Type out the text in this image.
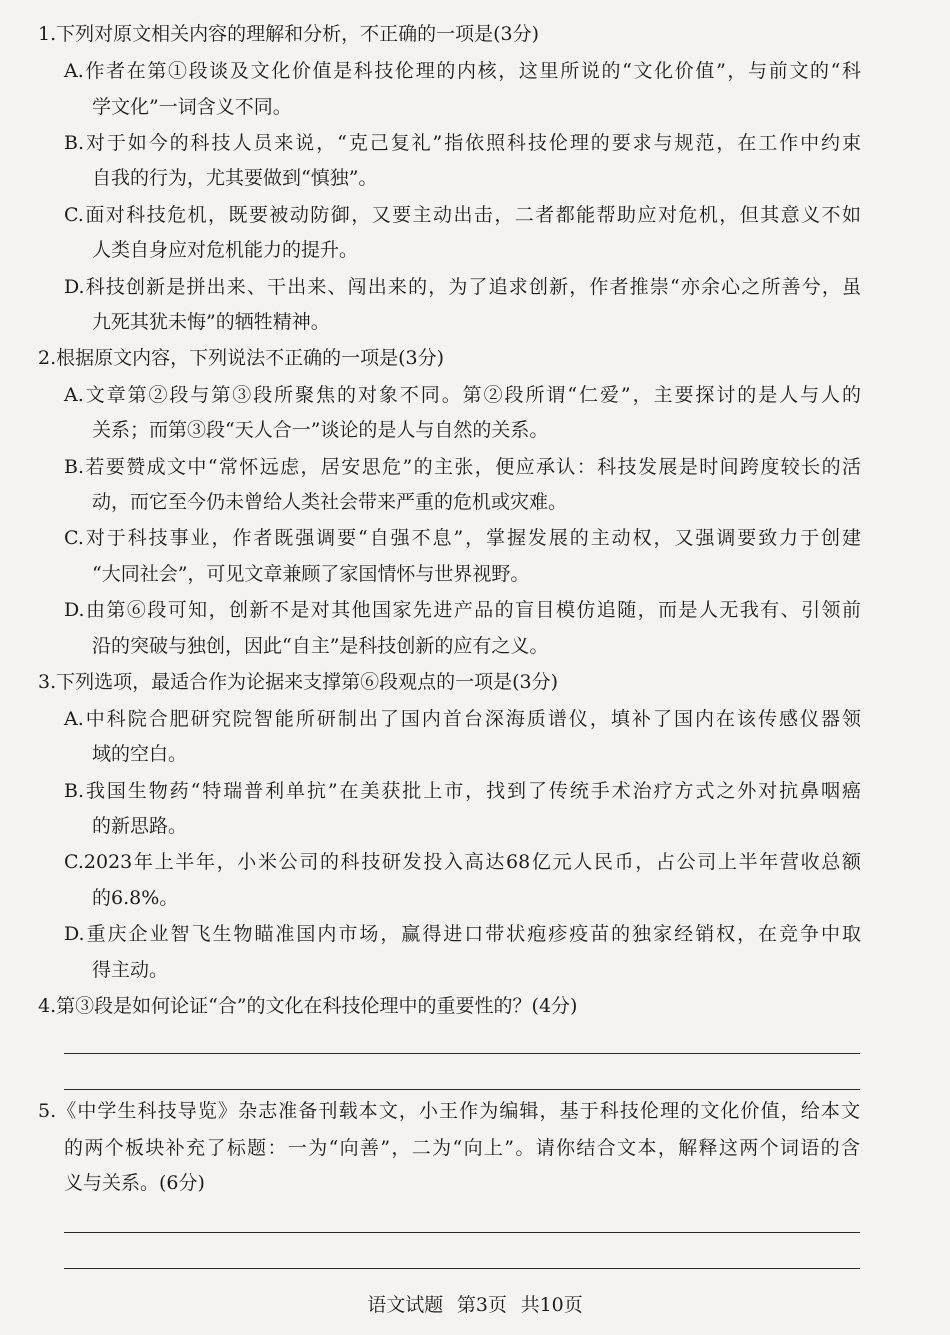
1.下列对原文相关内容的理解和分析，不正确的一项是(3分)
A.作者在第①段谈及文化价值是科技伦理的内核，这里所说的“文化价值”，与前文的“科
学文化”一词含义不同。
B.对于如今的科技人员来说，“克己复礼”指依照科技伦理的要求与规范，在工作中约束
自我的行为，尤其要做到“慎独”。
C.面对科技危机，既要被动防御，又要主动出击，二者都能帮助应对危机，但其意义不如
人类自身应对危机能力的提升。
D.科技创新是拼出来、干出来、闯出来的，为了追求创新，作者推崇“亦余心之所善兮，虽
九死其犹未悔”的牺牲精神。
2.根据原文内容，下列说法不正确的一项是(3分)
A.文章第②段与第③段所聚焦的对象不同。第②段所谓“仁爱”，主要探讨的是人与人的
关系；而第③段“天人合一”谈论的是人与自然的关系。
B.若要赞成文中“常怀远虑，居安思危”的主张，便应承认：科技发展是时间跨度较长的活
动，而它至今仍未曾给人类社会带来严重的危机或灾难。
C.对于科技事业，作者既强调要“自强不息”，掌握发展的主动权，又强调要致力于创建
“大同社会”，可见文章兼顾了家国情怀与世界视野。
D.由第⑥段可知，创新不是对其他国家先进产品的盲目模仿追随，而是人无我有、引领前
沿的突破与独创，因此“自主”是科技创新的应有之义。
3.下列选项，最适合作为论据来支撑第⑥段观点的一项是(3分)
A.中科院合肥研究院智能所研制出了国内首台深海质谱仪，填补了国内在该传感仪器领
域的空白。
B.我国生物药“特瑞普利单抗”在美获批上市，找到了传统手术治疗方式之外对抗鼻咽癌
的新思路。
C.2023年上半年，小米公司的科技研发投入高达68亿元人民币，占公司上半年营收总额
的6.8%。
D.重庆企业智飞生物瞄准国内市场，赢得进口带状疱疹疫苗的独家经销权，在竞争中取
得主动。
4.第③段是如何论证“合”的文化在科技伦理中的重要性的？(4分)
5.《中学生科技导览》杂志准备刊载本文，小王作为编辑，基于科技伦理的文化价值，给本文
的两个板块补充了标题：一为“向善”，二为“向上”。请你结合文本，解释这两个词语的含
义与关系。(6分)
语文试题 第3页 共10页
